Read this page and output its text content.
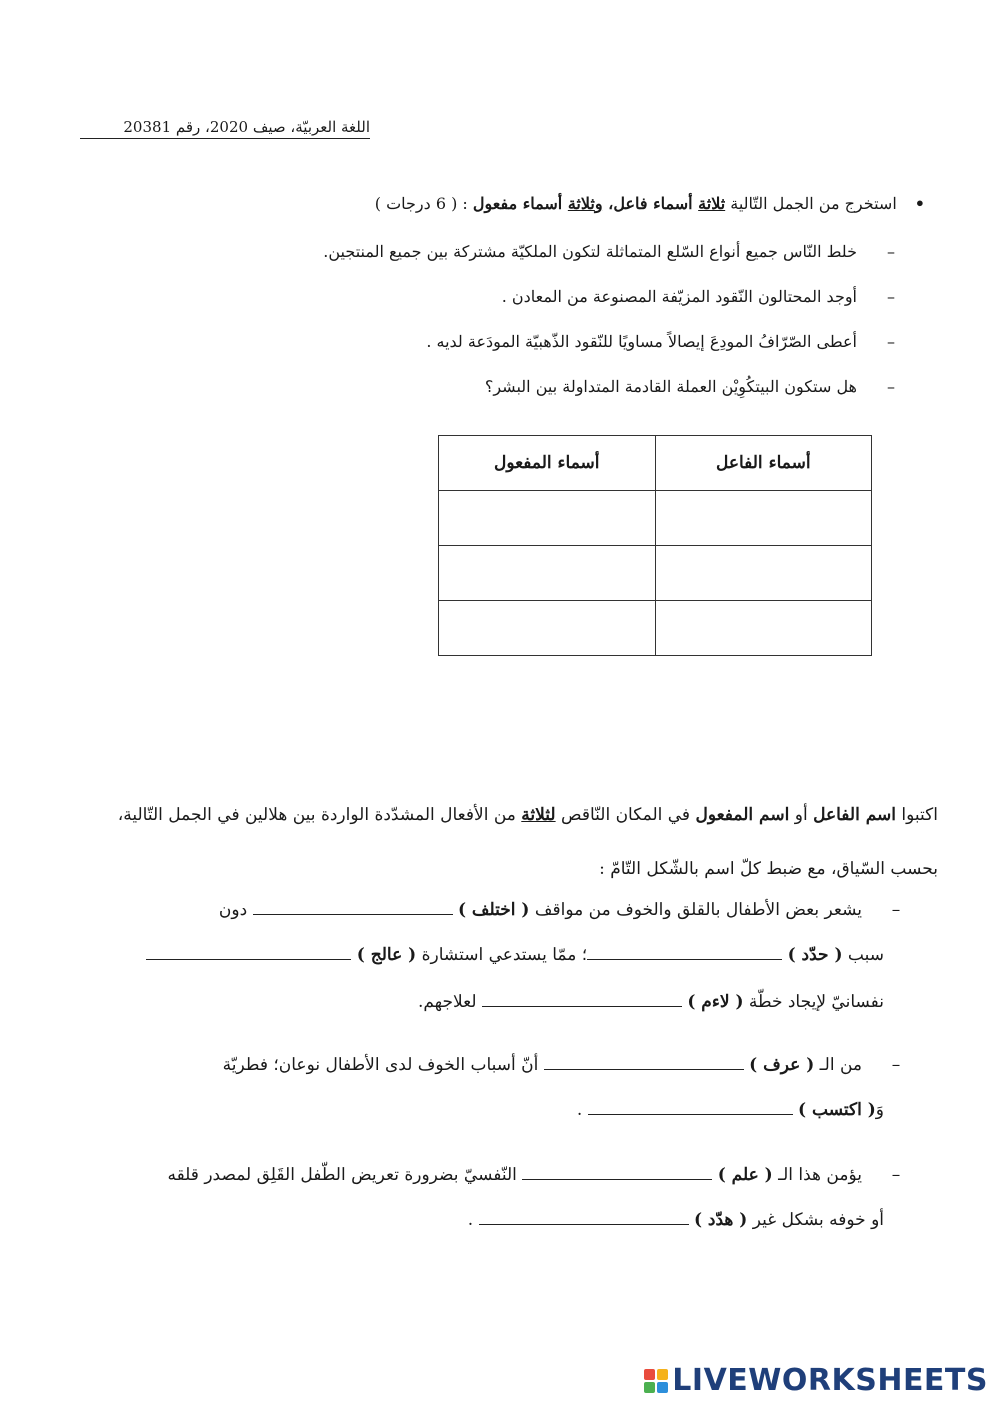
اللغة العربيّة، صيف 2020، رقم 20381
•استخرج من الجمل التّالية ثلاثة أسماء فاعل، وثلاثة أسماء مفعول : ( 6 درجات )
–خلط النّاس جميع أنواع السّلع المتماثلة لتكون الملكيّة مشتركة بين جميع المنتجين.
–أوجد المحتالون النّقود المزيّفة المصنوعة من المعادن .
–أعطى الصّرّافُ المودِعَ إيصالاً مساويًا للنّقود الذّهبيّة المودَعة لديه .
–هل ستكون البيتكُوِيْن العملة القادمة المتداولة بين البشر؟
أسماء الفاعل	أسماء المفعول

اكتبوا اسم الفاعل أو اسم المفعول في المكان النّاقص لثلاثة من الأفعال المشدّدة الواردة بين هلالين في الجمل التّالية، بحسب السّياق، مع ضبط كلّ اسم بالشّكل التّامّ :
–يشعر بعض الأطفال بالقلق والخوف من مواقف ( اختلف )  دون
سبب ( حدّد ) ؛ ممّا يستدعي استشارة ( عالج )
نفسانيّ لإيجاد خطّة ( لاءم )  لعلاجهم.
–من الـ ( عرف )  أنّ أسباب الخوف لدى الأطفال نوعان؛ فطريّة
وَ( اكتسب )  .
–يؤمن هذا الـ ( علم )  النّفسيّ بضرورة تعريض الطّفل القَلِق لمصدر قلقه
أو خوفه بشكل غير ( هدّد )  .
LIVEWORKSHEETS
